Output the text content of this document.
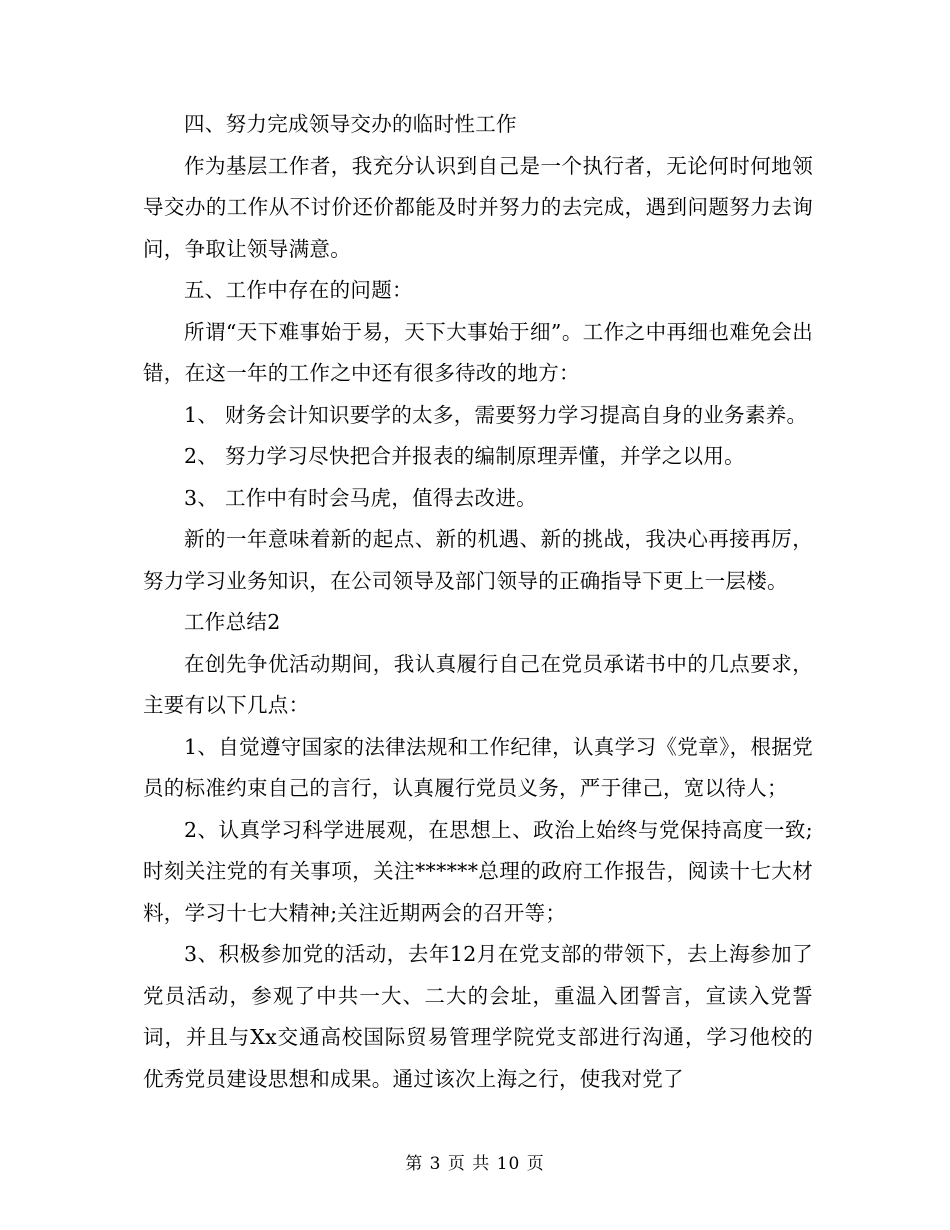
四、努力完成领导交办的临时性工作

作为基层工作者，我充分认识到自己是一个执行者，无论何时何地领导交办的工作从不讨价还价都能及时并努力的去完成，遇到问题努力去询问，争取让领导满意。

五、工作中存在的问题：

所谓“天下难事始于易，天下大事始于细”。工作之中再细也难免会出错，在这一年的工作之中还有很多待改的地方：

1、 财务会计知识要学的太多，需要努力学习提高自身的业务素养。

2、 努力学习尽快把合并报表的编制原理弄懂，并学之以用。

3、 工作中有时会马虎，值得去改进。

新的一年意味着新的起点、新的机遇、新的挑战，我决心再接再厉，努力学习业务知识，在公司领导及部门领导的正确指导下更上一层楼。

工作总结2

在创先争优活动期间，我认真履行自己在党员承诺书中的几点要求，主要有以下几点：

1、自觉遵守国家的法律法规和工作纪律，认真学习《党章》，根据党员的标准约束自己的言行，认真履行党员义务，严于律己，宽以待人；

2、认真学习科学进展观，在思想上、政治上始终与党保持高度一致;时刻关注党的有关事项，关注******总理的政府工作报告，阅读十七大材料，学习十七大精神;关注近期两会的召开等；

3、积极参加党的活动，去年12月在党支部的带领下，去上海参加了党员活动，参观了中共一大、二大的会址，重温入团誓言，宣读入党誓词，并且与Xx交通高校国际贸易管理学院党支部进行沟通，学习他校的优秀党员建设思想和成果。通过该次上海之行，使我对党了

第 3 页 共 10 页
